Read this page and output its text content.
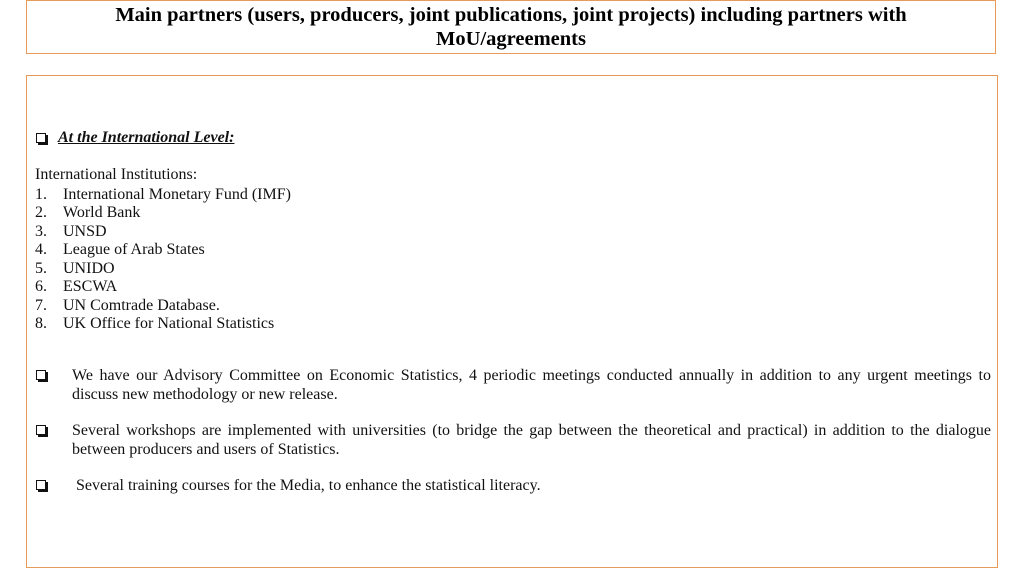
Main partners (users, producers, joint publications, joint projects) including partners with MoU/agreements
At the International Level:
International Institutions:
1.	International Monetary Fund (IMF)
2.	World Bank
3.	UNSD
4.	League of Arab States
5.	UNIDO
6.	ESCWA
7.	UN Comtrade Database.
8.	UK Office for National Statistics
We have our Advisory Committee on Economic Statistics, 4 periodic meetings conducted annually in addition to any urgent meetings to discuss new methodology or new release.
Several workshops are implemented with universities (to bridge the gap between the theoretical and practical) in addition to the dialogue between producers and users of Statistics.
Several training courses for the Media, to enhance the statistical literacy.
